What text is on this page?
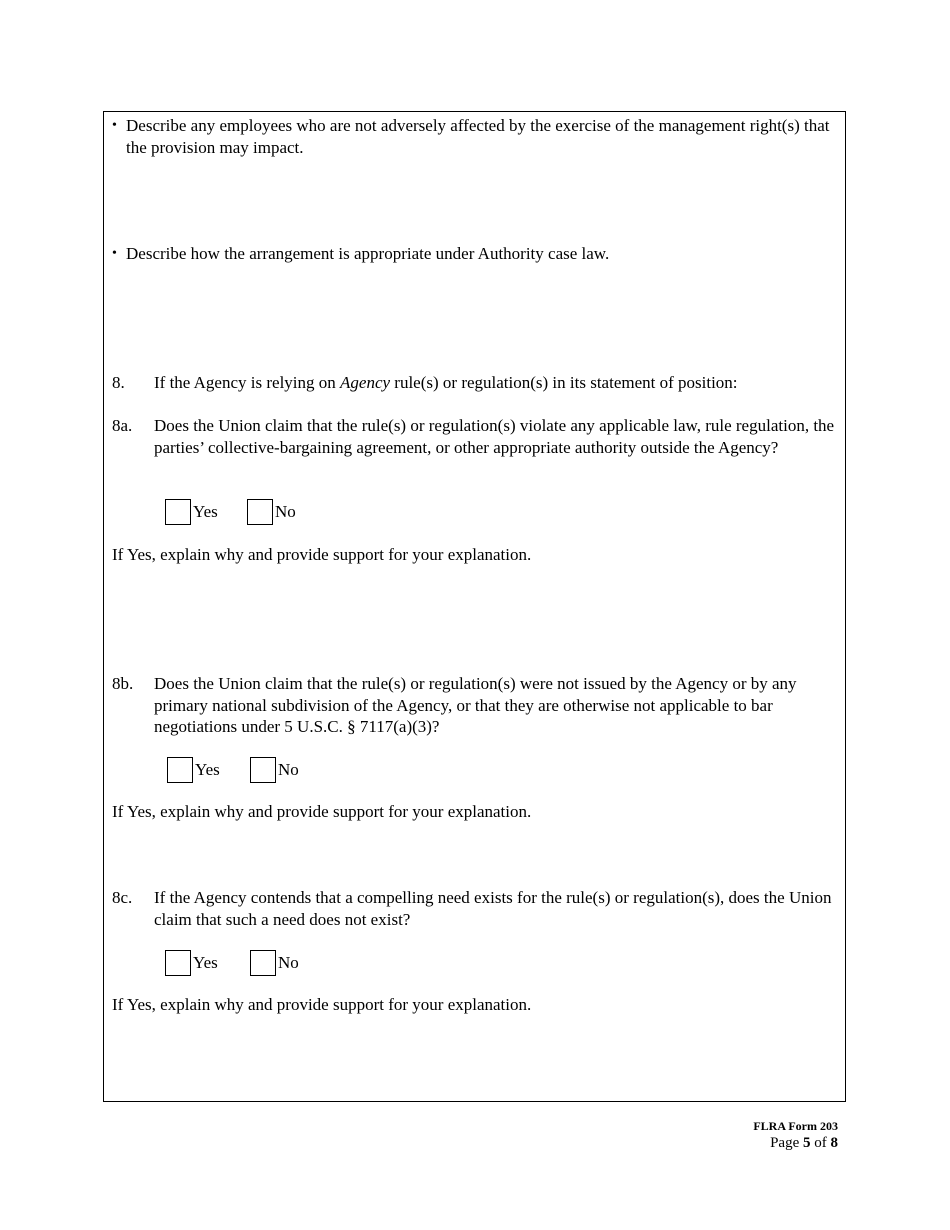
• Describe any employees who are not adversely affected by the exercise of the management right(s) that the provision may impact.
• Describe how the arrangement is appropriate under Authority case law.
8.	If the Agency is relying on Agency rule(s) or regulation(s) in its statement of position:
8a.	Does the Union claim that the rule(s) or regulation(s) violate any applicable law, rule regulation, the parties’ collective-bargaining agreement, or other appropriate authority outside the Agency?
Yes	No
If Yes, explain why and provide support for your explanation.
8b.	Does the Union claim that the rule(s) or regulation(s) were not issued by the Agency or by any primary national subdivision of the Agency, or that they are otherwise not applicable to bar negotiations under 5 U.S.C. § 7117(a)(3)?
Yes	No
If Yes, explain why and provide support for your explanation.
8c.	If the Agency contends that a compelling need exists for the rule(s) or regulation(s), does the Union claim that such a need does not exist?
Yes	No
If Yes, explain why and provide support for your explanation.
FLRA Form 203
Page 5 of 8
